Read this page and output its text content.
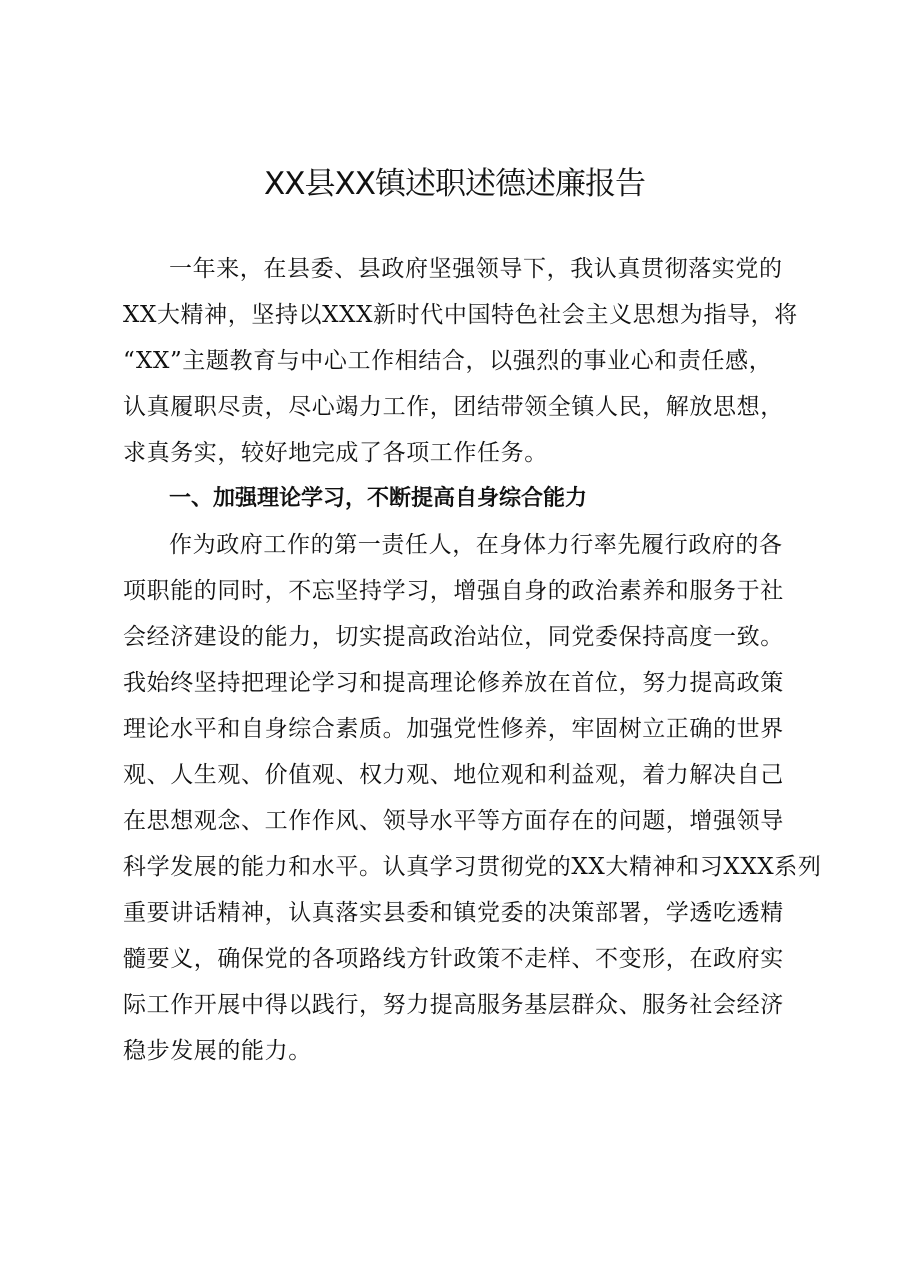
XX县XX镇述职述德述廉报告

一年来，在县委、县政府坚强领导下，我认真贯彻落实党的
XX大精神，坚持以XXX新时代中国特色社会主义思想为指导，将
“XX”主题教育与中心工作相结合，以强烈的事业心和责任感，
认真履职尽责，尽心竭力工作，团结带领全镇人民，解放思想，
求真务实，较好地完成了各项工作任务。

一、加强理论学习，不断提高自身综合能力

作为政府工作的第一责任人，在身体力行率先履行政府的各
项职能的同时，不忘坚持学习，增强自身的政治素养和服务于社
会经济建设的能力，切实提高政治站位，同党委保持高度一致。
我始终坚持把理论学习和提高理论修养放在首位，努力提高政策
理论水平和自身综合素质。加强党性修养，牢固树立正确的世界
观、人生观、价值观、权力观、地位观和利益观，着力解决自己
在思想观念、工作作风、领导水平等方面存在的问题，增强领导
科学发展的能力和水平。认真学习贯彻党的XX大精神和习XXX系列
重要讲话精神，认真落实县委和镇党委的决策部署，学透吃透精
髓要义，确保党的各项路线方针政策不走样、不变形，在政府实
际工作开展中得以践行，努力提高服务基层群众、服务社会经济
稳步发展的能力。
